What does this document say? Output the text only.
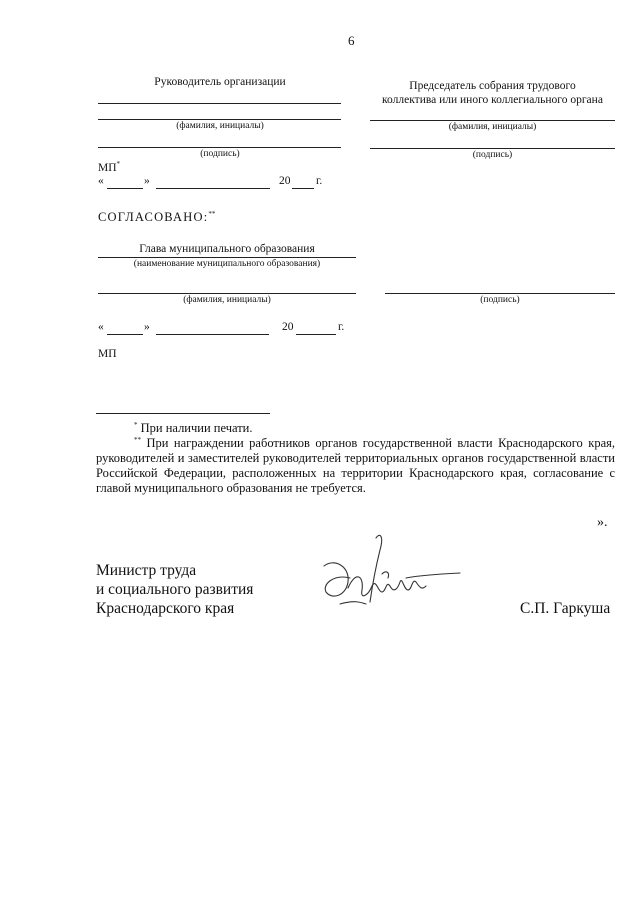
6
Руководитель организации
(фамилия, инициалы)
(подпись)
МП*
«	»	20 г.
Председатель собрания трудового
коллектива или иного коллегиального органа
(фамилия, инициалы)
(подпись)
СОГЛАСОВАНО:**
Глава муниципального образования
(наименование муниципального образования)
(фамилия, инициалы)	(подпись)
«	»	20	г.
МП
* При наличии печати.
** При награждении работников органов государственной власти Краснодарского края, руководителей и заместителей руководителей территориальных органов государственной власти Российской Федерации, расположенных на территории Краснодарского края, согласование с главой муниципального образования не требуется.
».
Министр труда
и социального развития
Краснодарского края	С.П. Гаркуша
